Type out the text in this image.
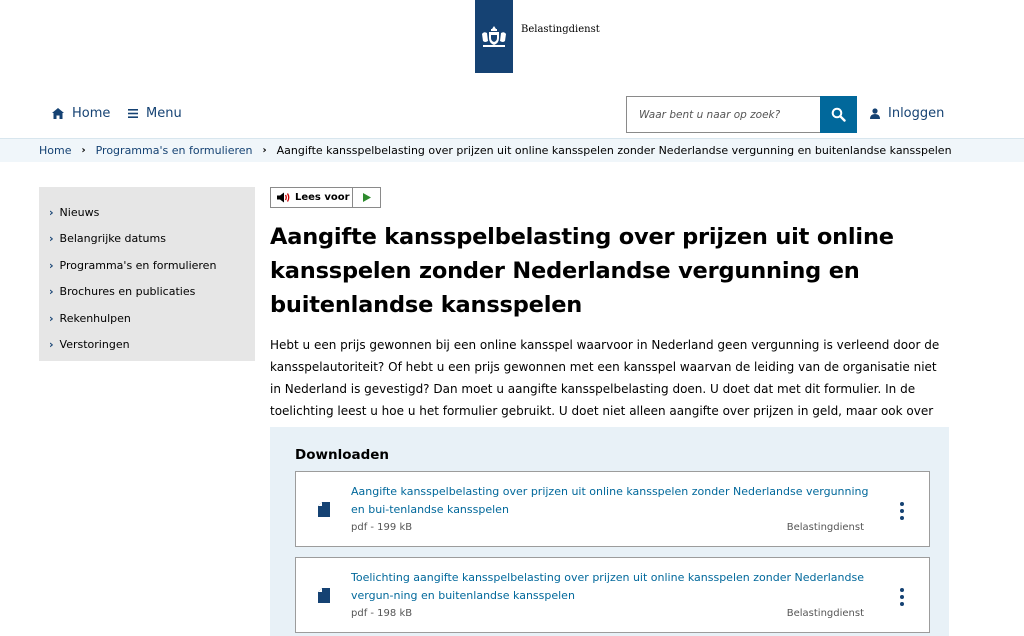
Belastingdienst
Home	Menu
Waar bent u naar op zoek?	Inloggen
Home › Programma's en formulieren › Aangifte kansspelbelasting over prijzen uit online kansspelen zonder Nederlandse vergunning en buitenlandse kansspelen
› Nieuws
› Belangrijke datums
› Programma's en formulieren
› Brochures en publicaties
› Rekenhulpen
› Verstoringen
Lees voor
Aangifte kansspelbelasting over prijzen uit online kansspelen zonder Nederlandse vergunning en buitenlandse kansspelen

Hebt u een prijs gewonnen bij een online kansspel waarvoor in Nederland geen vergunning is verleend door de kansspelautoriteit? Of hebt u een prijs gewonnen met een kansspel waarvan de leiding van de organisatie niet in Nederland is gevestigd? Dan moet u aangifte kansspelbelasting doen. U doet dat met dit formulier. In de toelichting leest u hoe u het formulier gebruikt. U doet niet alleen aangifte over prijzen in geld, maar ook over

Downloaden
Aangifte kansspelbelasting over prijzen uit online kansspelen zonder Nederlandse vergunning en bui-tenlandse kansspelen
pdf - 199 kB	Belastingdienst
Toelichting aangifte kansspelbelasting over prijzen uit online kansspelen zonder Nederlandse vergun-ning en buitenlandse kansspelen
pdf - 198 kB	Belastingdienst
